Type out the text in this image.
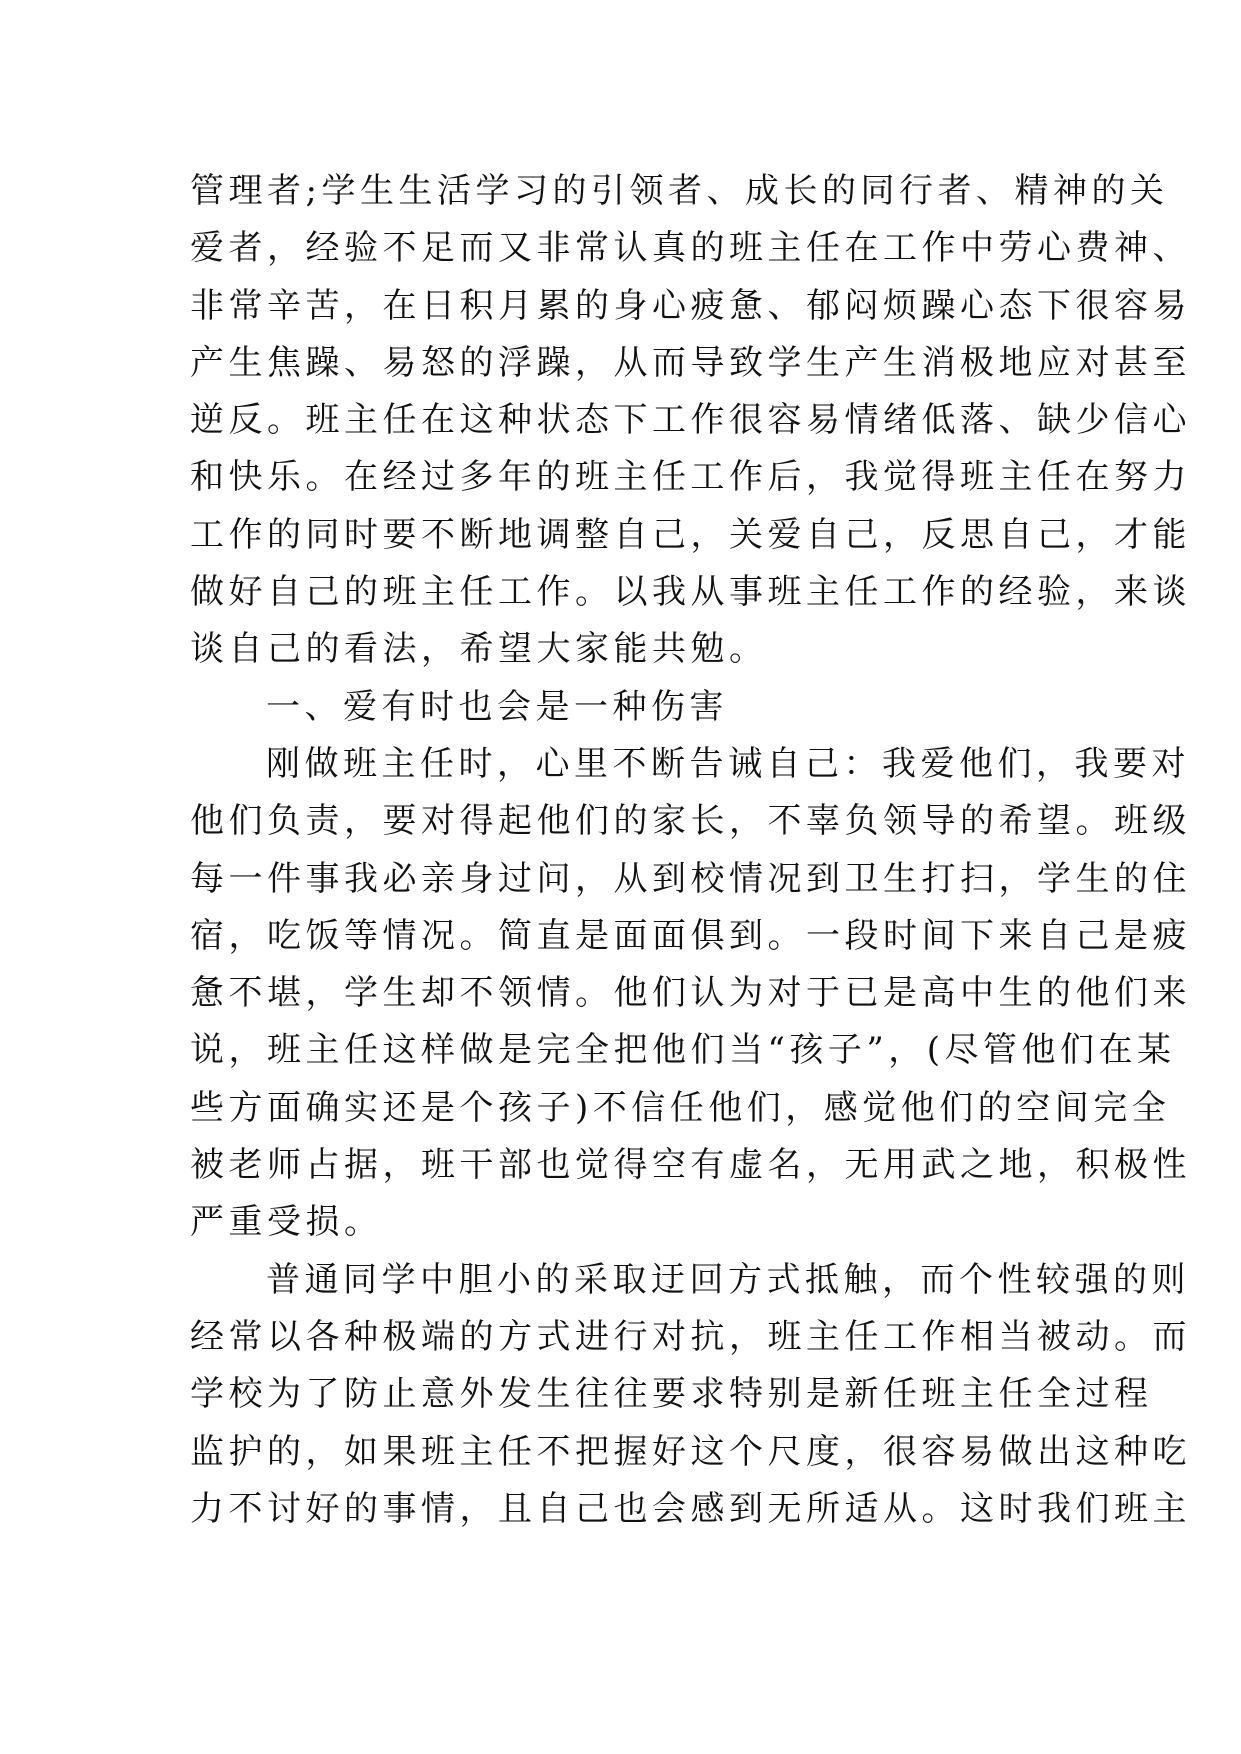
管理者;学生生活学习的引领者、成长的同行者、精神的关
爱者，经验不足而又非常认真的班主任在工作中劳心费神、
非常辛苦，在日积月累的身心疲惫、郁闷烦躁心态下很容易
产生焦躁、易怒的浮躁，从而导致学生产生消极地应对甚至
逆反。班主任在这种状态下工作很容易情绪低落、缺少信心
和快乐。在经过多年的班主任工作后，我觉得班主任在努力
工作的同时要不断地调整自己，关爱自己，反思自己，才能
做好自己的班主任工作。以我从事班主任工作的经验，来谈
谈自己的看法，希望大家能共勉。
一、爱有时也会是一种伤害
刚做班主任时，心里不断告诫自己：我爱他们，我要对
他们负责，要对得起他们的家长，不辜负领导的希望。班级
每一件事我必亲身过问，从到校情况到卫生打扫，学生的住
宿，吃饭等情况。简直是面面俱到。一段时间下来自己是疲
惫不堪，学生却不领情。他们认为对于已是高中生的他们来
说，班主任这样做是完全把他们当“孩子”，(尽管他们在某
些方面确实还是个孩子)不信任他们，感觉他们的空间完全
被老师占据，班干部也觉得空有虚名，无用武之地，积极性
严重受损。
普通同学中胆小的采取迂回方式抵触，而个性较强的则
经常以各种极端的方式进行对抗，班主任工作相当被动。而
学校为了防止意外发生往往要求特别是新任班主任全过程
监护的，如果班主任不把握好这个尺度，很容易做出这种吃
力不讨好的事情，且自己也会感到无所适从。这时我们班主
